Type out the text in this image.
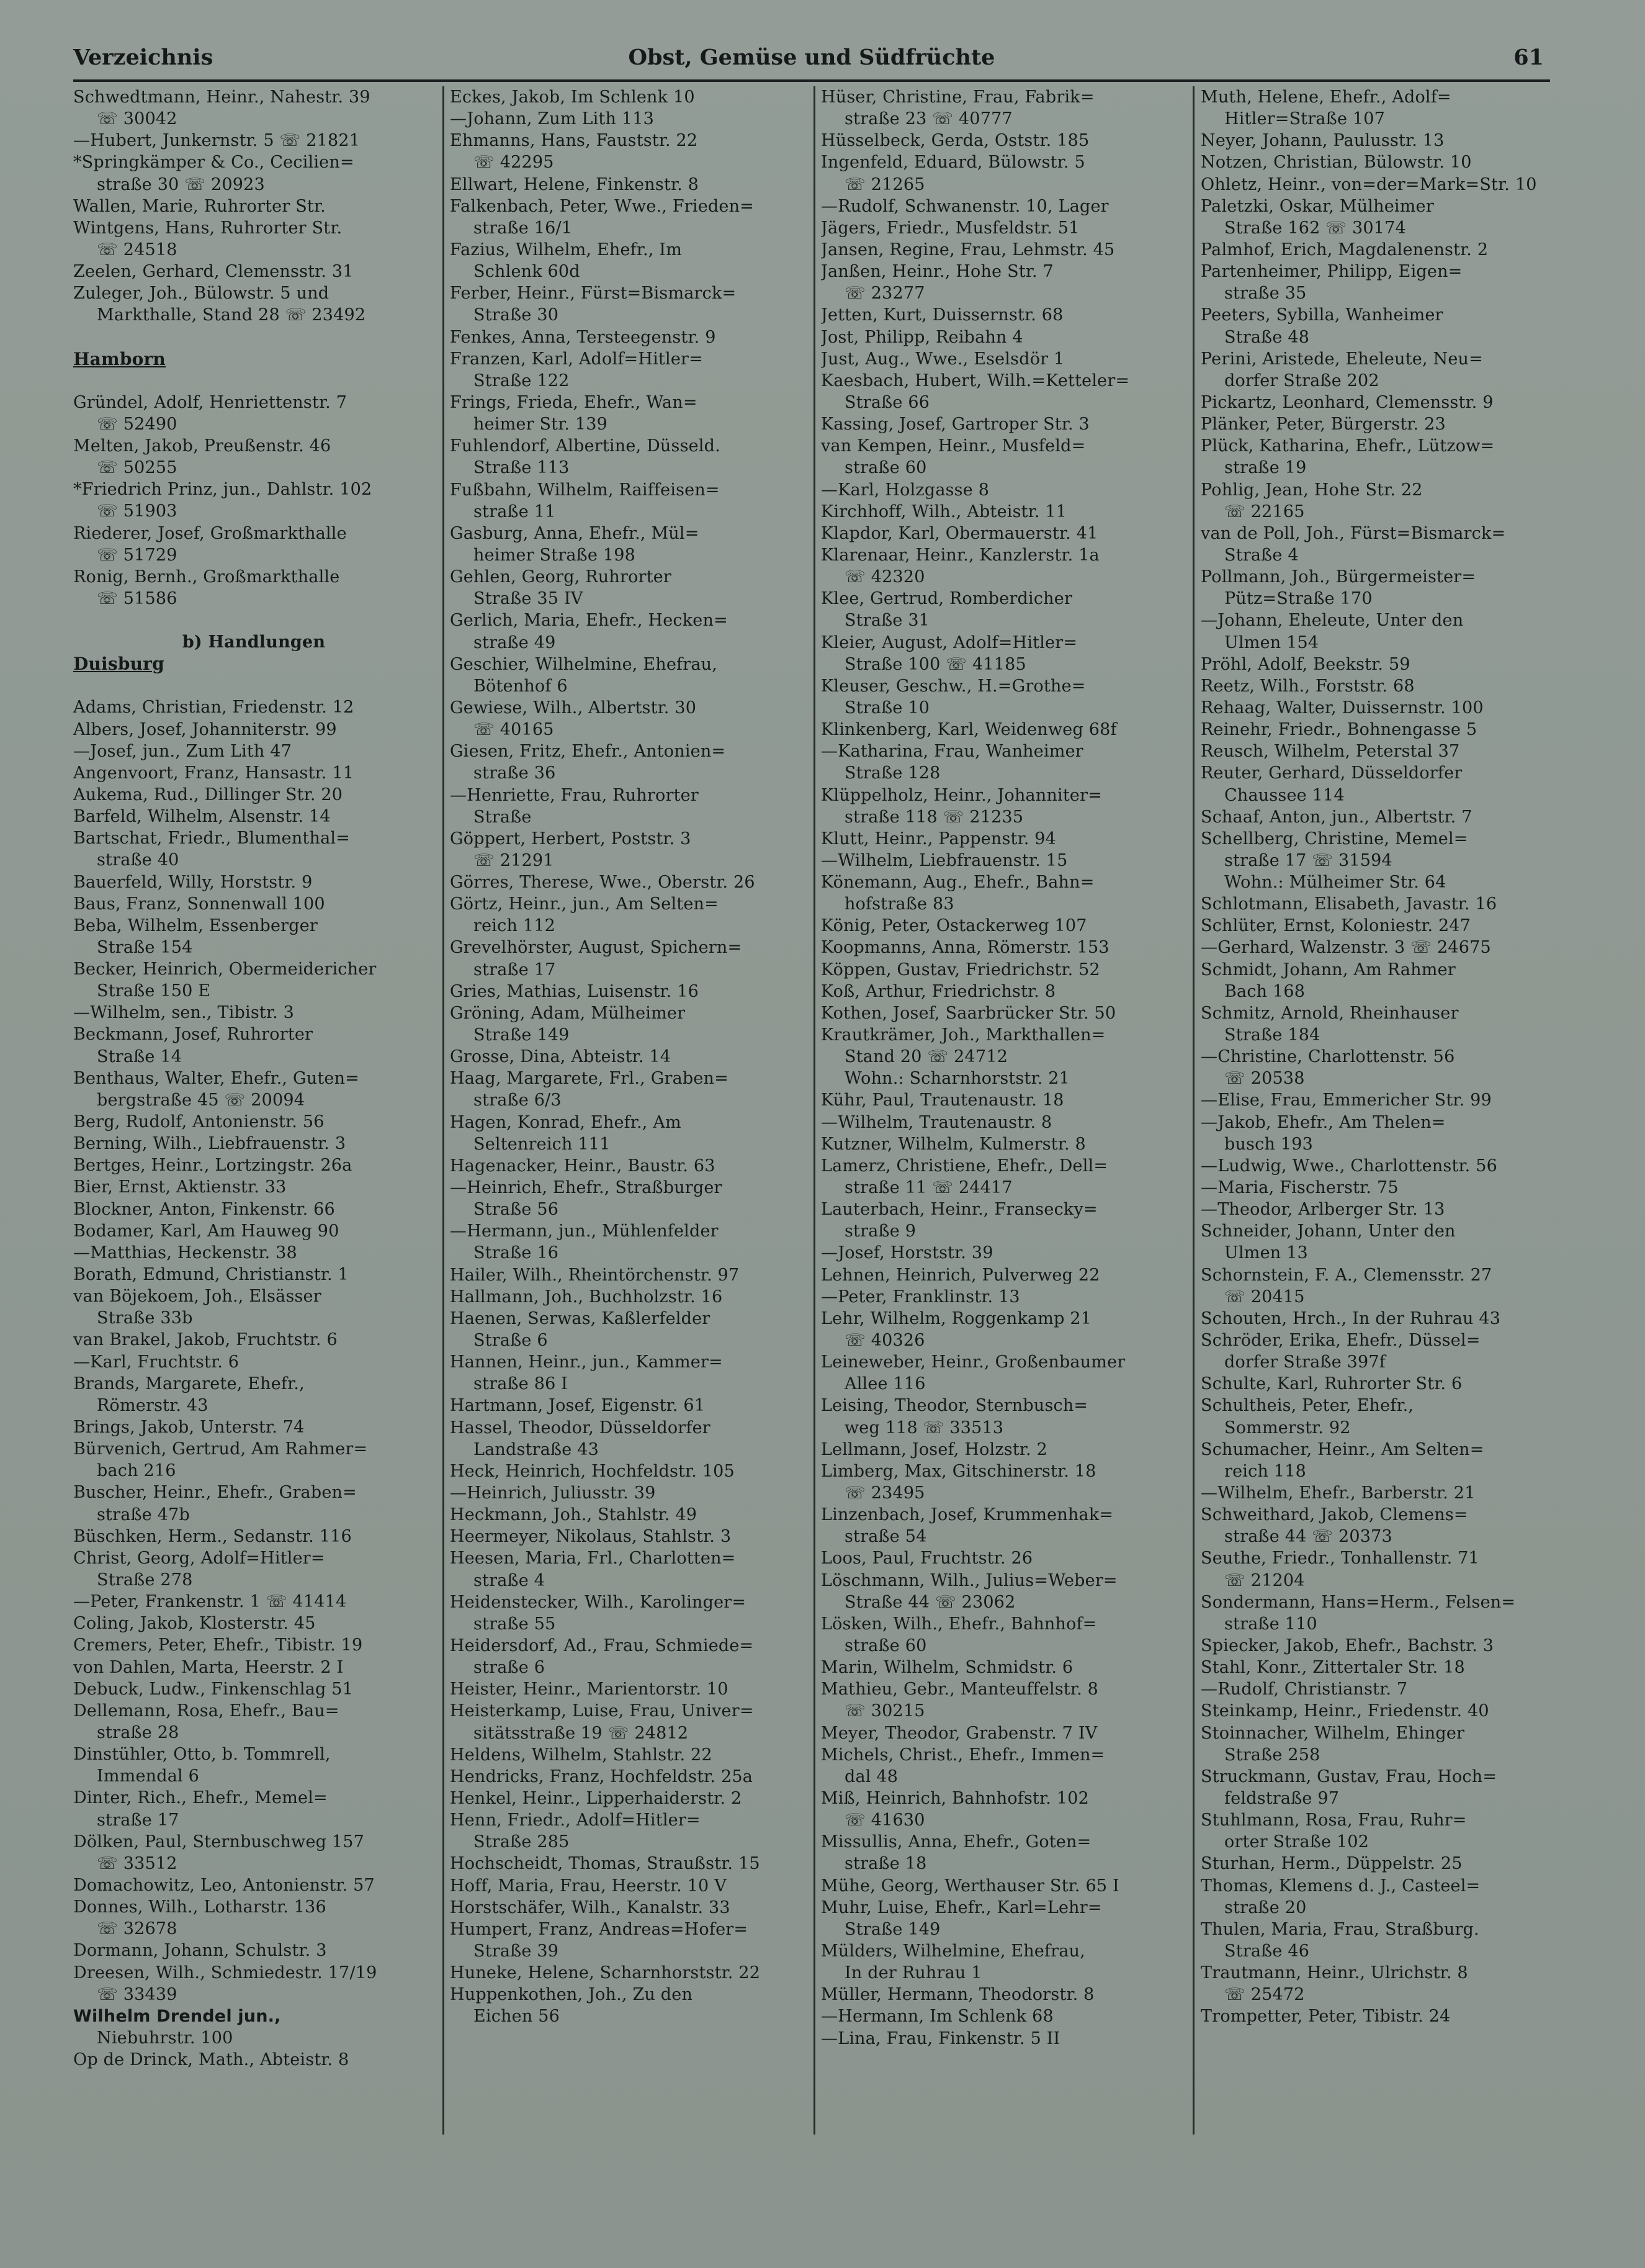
Verzeichnis	Obst, Gemüse und Südfrüchte	61
Schwedtmann, Heinr., Nahestr. 39
☏ 30042
—Hubert, Junkernstr. 5 ☏ 21821
*Springkämper & Co., Cecilien=
straße 30 ☏ 20923
Wallen, Marie, Ruhrorter Str.
Wintgens, Hans, Ruhrorter Str.
☏ 24518
Zeelen, Gerhard, Clemensstr. 31
Zuleger, Joh., Bülowstr. 5 und
Markthalle, Stand 28 ☏ 23492
Hamborn
Gründel, Adolf, Henriettenstr. 7
☏ 52490
Melten, Jakob, Preußenstr. 46
☏ 50255
*Friedrich Prinz, jun., Dahlstr. 102
☏ 51903
Riederer, Josef, Großmarkthalle
☏ 51729
Ronig, Bernh., Großmarkthalle
☏ 51586
b) Handlungen
Duisburg
Adams, Christian, Friedenstr. 12
Albers, Josef, Johanniterstr. 99
—Josef, jun., Zum Lith 47
Angenvoort, Franz, Hansastr. 11
Aukema, Rud., Dillinger Str. 20
Barfeld, Wilhelm, Alsenstr. 14
Bartschat, Friedr., Blumenthal=
straße 40
Bauerfeld, Willy, Horststr. 9
Baus, Franz, Sonnenwall 100
Beba, Wilhelm, Essenberger
Straße 154
Becker, Heinrich, Obermeidericher
Straße 150 E
—Wilhelm, sen., Tibistr. 3
Beckmann, Josef, Ruhrorter
Straße 14
Benthaus, Walter, Ehefr., Guten=
bergstraße 45 ☏ 20094
Berg, Rudolf, Antonienstr. 56
Berning, Wilh., Liebfrauenstr. 3
Bertges, Heinr., Lortzingstr. 26a
Bier, Ernst, Aktienstr. 33
Blockner, Anton, Finkenstr. 66
Bodamer, Karl, Am Hauweg 90
—Matthias, Heckenstr. 38
Borath, Edmund, Christianstr. 1
van Böjekoem, Joh., Elsässer
Straße 33b
van Brakel, Jakob, Fruchtstr. 6
—Karl, Fruchtstr. 6
Brands, Margarete, Ehefr.,
Römerstr. 43
Brings, Jakob, Unterstr. 74
Bürvenich, Gertrud, Am Rahmer=
bach 216
Buscher, Heinr., Ehefr., Graben=
straße 47b
Büschken, Herm., Sedanstr. 116
Christ, Georg, Adolf=Hitler=
Straße 278
—Peter, Frankenstr. 1 ☏ 41414
Coling, Jakob, Klosterstr. 45
Cremers, Peter, Ehefr., Tibistr. 19
von Dahlen, Marta, Heerstr. 2 I
Debuck, Ludw., Finkenschlag 51
Dellemann, Rosa, Ehefr., Bau=
straße 28
Dinstühler, Otto, b. Tommrell,
Immendal 6
Dinter, Rich., Ehefr., Memel=
straße 17
Dölken, Paul, Sternbuschweg 157
☏ 33512
Domachowitz, Leo, Antonienstr. 57
Donnes, Wilh., Lotharstr. 136
☏ 32678
Dormann, Johann, Schulstr. 3
Dreesen, Wilh., Schmiedestr. 17/19
☏ 33439
Wilhelm Drendel jun.,
Niebuhrstr. 100
Op de Drinck, Math., Abteistr. 8
Eckes, Jakob, Im Schlenk 10
—Johann, Zum Lith 113
Ehmanns, Hans, Fauststr. 22
☏ 42295
Ellwart, Helene, Finkenstr. 8
Falkenbach, Peter, Wwe., Frieden=
straße 16/1
Fazius, Wilhelm, Ehefr., Im
Schlenk 60d
Ferber, Heinr., Fürst=Bismarck=
Straße 30
Fenkes, Anna, Tersteegenstr. 9
Franzen, Karl, Adolf=Hitler=
Straße 122
Frings, Frieda, Ehefr., Wan=
heimer Str. 139
Fuhlendorf, Albertine, Düsseld.
Straße 113
Fußbahn, Wilhelm, Raiffeisen=
straße 11
Gasburg, Anna, Ehefr., Mül=
heimer Straße 198
Gehlen, Georg, Ruhrorter
Straße 35 IV
Gerlich, Maria, Ehefr., Hecken=
straße 49
Geschier, Wilhelmine, Ehefrau,
Bötenhof 6
Gewiese, Wilh., Albertstr. 30
☏ 40165
Giesen, Fritz, Ehefr., Antonien=
straße 36
—Henriette, Frau, Ruhrorter
Straße
Göppert, Herbert, Poststr. 3
☏ 21291
Görres, Therese, Wwe., Oberstr. 26
Görtz, Heinr., jun., Am Selten=
reich 112
Grevelhörster, August, Spichern=
straße 17
Gries, Mathias, Luisenstr. 16
Gröning, Adam, Mülheimer
Straße 149
Grosse, Dina, Abteistr. 14
Haag, Margarete, Frl., Graben=
straße 6/3
Hagen, Konrad, Ehefr., Am
Seltenreich 111
Hagenacker, Heinr., Baustr. 63
—Heinrich, Ehefr., Straßburger
Straße 56
—Hermann, jun., Mühlenfelder
Straße 16
Hailer, Wilh., Rheintörchenstr. 97
Hallmann, Joh., Buchholzstr. 16
Haenen, Serwas, Kaßlerfelder
Straße 6
Hannen, Heinr., jun., Kammer=
straße 86 I
Hartmann, Josef, Eigenstr. 61
Hassel, Theodor, Düsseldorfer
Landstraße 43
Heck, Heinrich, Hochfeldstr. 105
—Heinrich, Juliusstr. 39
Heckmann, Joh., Stahlstr. 49
Heermeyer, Nikolaus, Stahlstr. 3
Heesen, Maria, Frl., Charlotten=
straße 4
Heidenstecker, Wilh., Karolinger=
straße 55
Heidersdorf, Ad., Frau, Schmiede=
straße 6
Heister, Heinr., Marientorstr. 10
Heisterkamp, Luise, Frau, Univer=
sitätsstraße 19 ☏ 24812
Heldens, Wilhelm, Stahlstr. 22
Hendricks, Franz, Hochfeldstr. 25a
Henkel, Heinr., Lipperhaiderstr. 2
Henn, Friedr., Adolf=Hitler=
Straße 285
Hochscheidt, Thomas, Straußstr. 15
Hoff, Maria, Frau, Heerstr. 10 V
Horstschäfer, Wilh., Kanalstr. 33
Humpert, Franz, Andreas=Hofer=
Straße 39
Huneke, Helene, Scharnhorststr. 22
Huppenkothen, Joh., Zu den
Eichen 56
Hüser, Christine, Frau, Fabrik=
straße 23 ☏ 40777
Hüsselbeck, Gerda, Oststr. 185
Ingenfeld, Eduard, Bülowstr. 5
☏ 21265
—Rudolf, Schwanenstr. 10, Lager
Jägers, Friedr., Musfeldstr. 51
Jansen, Regine, Frau, Lehmstr. 45
Janßen, Heinr., Hohe Str. 7
☏ 23277
Jetten, Kurt, Duissernstr. 68
Jost, Philipp, Reibahn 4
Just, Aug., Wwe., Eselsdör 1
Kaesbach, Hubert, Wilh.=Ketteler=
Straße 66
Kassing, Josef, Gartroper Str. 3
van Kempen, Heinr., Musfeld=
straße 60
—Karl, Holzgasse 8
Kirchhoff, Wilh., Abteistr. 11
Klapdor, Karl, Obermauerstr. 41
Klarenaar, Heinr., Kanzlerstr. 1a
☏ 42320
Klee, Gertrud, Romberdicher
Straße 31
Kleier, August, Adolf=Hitler=
Straße 100 ☏ 41185
Kleuser, Geschw., H.=Grothe=
Straße 10
Klinkenberg, Karl, Weidenweg 68f
—Katharina, Frau, Wanheimer
Straße 128
Klüppelholz, Heinr., Johanniter=
straße 118 ☏ 21235
Klutt, Heinr., Pappenstr. 94
—Wilhelm, Liebfrauenstr. 15
Könemann, Aug., Ehefr., Bahn=
hofstraße 83
König, Peter, Ostackerweg 107
Koopmanns, Anna, Römerstr. 153
Köppen, Gustav, Friedrichstr. 52
Koß, Arthur, Friedrichstr. 8
Kothen, Josef, Saarbrücker Str. 50
Krautkrämer, Joh., Markthallen=
Stand 20 ☏ 24712
Wohn.: Scharnhorststr. 21
Kühr, Paul, Trautenaustr. 18
—Wilhelm, Trautenaustr. 8
Kutzner, Wilhelm, Kulmerstr. 8
Lamerz, Christiene, Ehefr., Dell=
straße 11 ☏ 24417
Lauterbach, Heinr., Fransecky=
straße 9
—Josef, Horststr. 39
Lehnen, Heinrich, Pulverweg 22
—Peter, Franklinstr. 13
Lehr, Wilhelm, Roggenkamp 21
☏ 40326
Leineweber, Heinr., Großenbaumer
Allee 116
Leising, Theodor, Sternbusch=
weg 118 ☏ 33513
Lellmann, Josef, Holzstr. 2
Limberg, Max, Gitschinerstr. 18
☏ 23495
Linzenbach, Josef, Krummenhak=
straße 54
Loos, Paul, Fruchtstr. 26
Löschmann, Wilh., Julius=Weber=
Straße 44 ☏ 23062
Lösken, Wilh., Ehefr., Bahnhof=
straße 60
Marin, Wilhelm, Schmidstr. 6
Mathieu, Gebr., Manteuffelstr. 8
☏ 30215
Meyer, Theodor, Grabenstr. 7 IV
Michels, Christ., Ehefr., Immen=
dal 48
Miß, Heinrich, Bahnhofstr. 102
☏ 41630
Missullis, Anna, Ehefr., Goten=
straße 18
Mühe, Georg, Werthauser Str. 65 I
Muhr, Luise, Ehefr., Karl=Lehr=
Straße 149
Mülders, Wilhelmine, Ehefrau,
In der Ruhrau 1
Müller, Hermann, Theodorstr. 8
—Hermann, Im Schlenk 68
—Lina, Frau, Finkenstr. 5 II
Muth, Helene, Ehefr., Adolf=
Hitler=Straße 107
Neyer, Johann, Paulusstr. 13
Notzen, Christian, Bülowstr. 10
Ohletz, Heinr., von=der=Mark=Str. 10
Paletzki, Oskar, Mülheimer
Straße 162 ☏ 30174
Palmhof, Erich, Magdalenenstr. 2
Partenheimer, Philipp, Eigen=
straße 35
Peeters, Sybilla, Wanheimer
Straße 48
Perini, Aristede, Eheleute, Neu=
dorfer Straße 202
Pickartz, Leonhard, Clemensstr. 9
Plänker, Peter, Bürgerstr. 23
Plück, Katharina, Ehefr., Lützow=
straße 19
Pohlig, Jean, Hohe Str. 22
☏ 22165
van de Poll, Joh., Fürst=Bismarck=
Straße 4
Pollmann, Joh., Bürgermeister=
Pütz=Straße 170
—Johann, Eheleute, Unter den
Ulmen 154
Pröhl, Adolf, Beekstr. 59
Reetz, Wilh., Forststr. 68
Rehaag, Walter, Duissernstr. 100
Reinehr, Friedr., Bohnengasse 5
Reusch, Wilhelm, Peterstal 37
Reuter, Gerhard, Düsseldorfer
Chaussee 114
Schaaf, Anton, jun., Albertstr. 7
Schellberg, Christine, Memel=
straße 17 ☏ 31594
Wohn.: Mülheimer Str. 64
Schlotmann, Elisabeth, Javastr. 16
Schlüter, Ernst, Koloniestr. 247
—Gerhard, Walzenstr. 3 ☏ 24675
Schmidt, Johann, Am Rahmer
Bach 168
Schmitz, Arnold, Rheinhauser
Straße 184
—Christine, Charlottenstr. 56
☏ 20538
—Elise, Frau, Emmericher Str. 99
—Jakob, Ehefr., Am Thelen=
busch 193
—Ludwig, Wwe., Charlottenstr. 56
—Maria, Fischerstr. 75
—Theodor, Arlberger Str. 13
Schneider, Johann, Unter den
Ulmen 13
Schornstein, F. A., Clemensstr. 27
☏ 20415
Schouten, Hrch., In der Ruhrau 43
Schröder, Erika, Ehefr., Düssel=
dorfer Straße 397f
Schulte, Karl, Ruhrorter Str. 6
Schultheis, Peter, Ehefr.,
Sommerstr. 92
Schumacher, Heinr., Am Selten=
reich 118
—Wilhelm, Ehefr., Barberstr. 21
Schweithard, Jakob, Clemens=
straße 44 ☏ 20373
Seuthe, Friedr., Tonhallenstr. 71
☏ 21204
Sondermann, Hans=Herm., Felsen=
straße 110
Spiecker, Jakob, Ehefr., Bachstr. 3
Stahl, Konr., Zittertaler Str. 18
—Rudolf, Christianstr. 7
Steinkamp, Heinr., Friedenstr. 40
Stoinnacher, Wilhelm, Ehinger
Straße 258
Struckmann, Gustav, Frau, Hoch=
feldstraße 97
Stuhlmann, Rosa, Frau, Ruhr=
orter Straße 102
Sturhan, Herm., Düppelstr. 25
Thomas, Klemens d. J., Casteel=
straße 20
Thulen, Maria, Frau, Straßburg.
Straße 46
Trautmann, Heinr., Ulrichstr. 8
☏ 25472
Trompetter, Peter, Tibistr. 24
